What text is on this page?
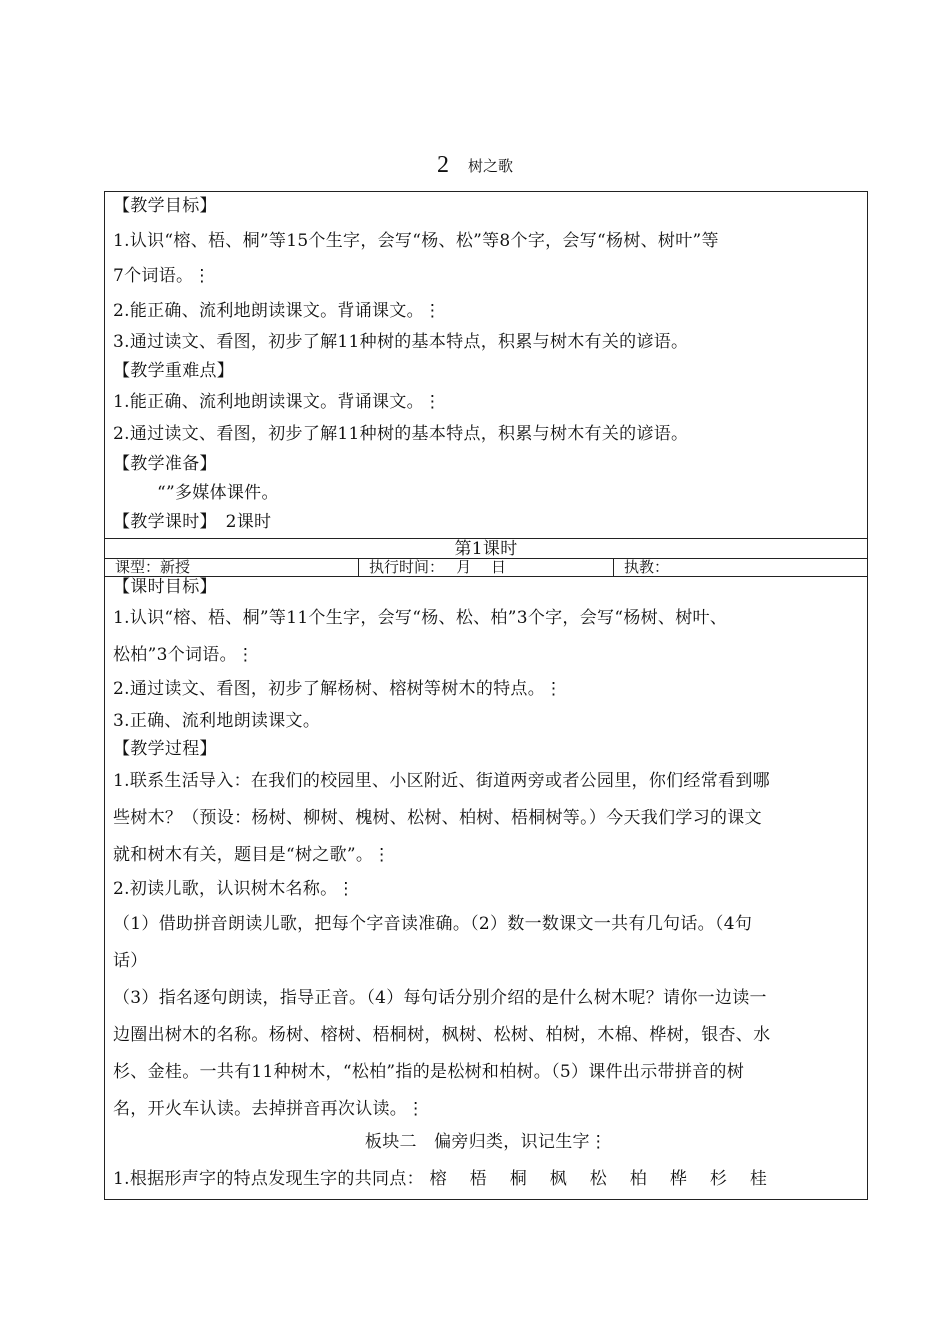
2 树之歌
【教学目标】
1.认识“榕、梧、桐”等15个生字，会写“杨、松”等8个字，会写“杨树、树叶”等
7个词语。⋮
2.能正确、流利地朗读课文。背诵课文。⋮
3.通过读文、看图，初步了解11种树的基本特点，积累与树木有关的谚语。
【教学重难点】
1.能正确、流利地朗读课文。背诵课文。⋮
2.通过读文、看图，初步了解11种树的基本特点，积累与树木有关的谚语。
【教学准备】
“”多媒体课件。
【教学课时】　2课时
第1课时
课型：新授	执行时间：　 月　 日	执教：
【课时目标】
1.认识“榕、梧、桐”等11个生字，会写“杨、松、柏”3个字，会写“杨树、树叶、
松柏”3个词语。⋮
2.通过读文、看图，初步了解杨树、榕树等树木的特点。⋮
3.正确、流利地朗读课文。
【教学过程】
1.联系生活导入：在我们的校园里、小区附近、街道两旁或者公园里，你们经常看到哪
些树木？（预设：杨树、柳树、槐树、松树、柏树、梧桐树等。）今天我们学习的课文
就和树木有关，题目是“树之歌”。⋮
2.初读儿歌，认识树木名称。⋮
（1）借助拼音朗读儿歌，把每个字音读准确。（2）数一数课文一共有几句话。（4句
话）
（3）指名逐句朗读，指导正音。（4）每句话分别介绍的是什么树木呢？请你一边读一
边圈出树木的名称。杨树、榕树、梧桐树，枫树、松树、柏树，木棉、桦树，银杏、水
杉、金桂。一共有11种树木，“松柏”指的是松树和柏树。（5）课件出示带拼音的树
名，开火车认读。去掉拼音再次认读。⋮
板块二　偏旁归类，识记生字⋮
1.根据形声字的特点发现生字的共同点： 榕 梧 桐 枫 松 柏 桦 杉 桂
